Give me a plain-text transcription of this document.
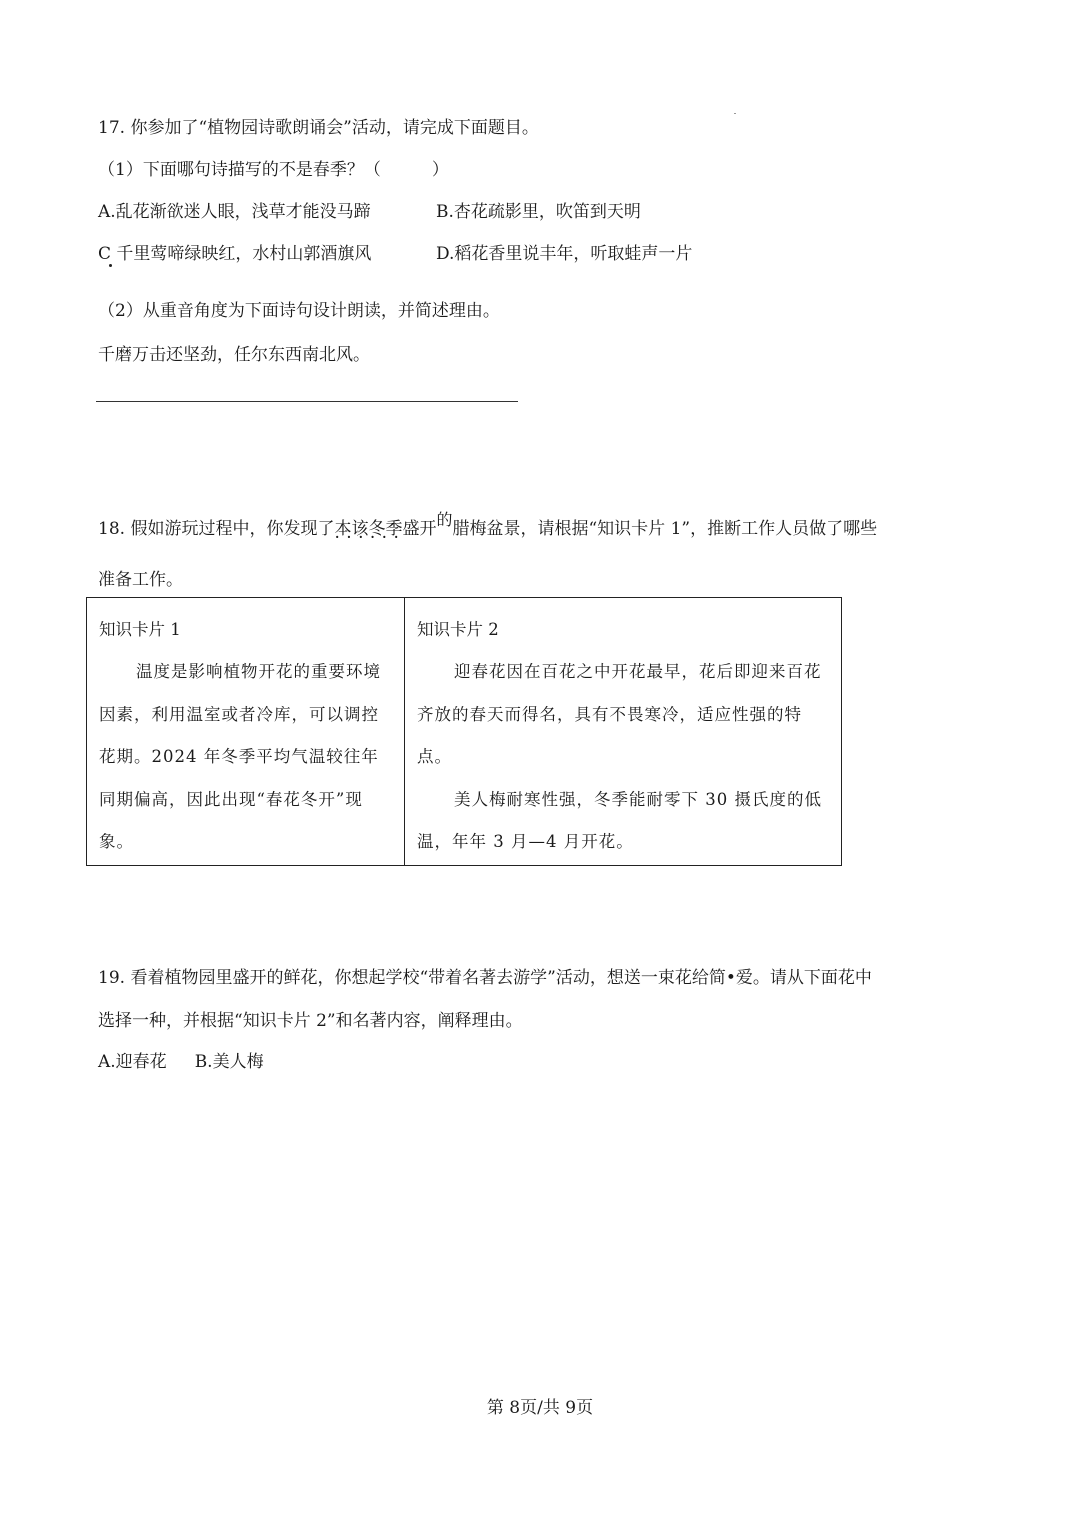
17. 你参加了“植物园诗歌朗诵会”活动，请完成下面题目。
（1）下面哪句诗描写的不是春季？（　　　）
A.乱花渐欲迷人眼，浅草才能没马蹄	B.杏花疏影里，吹笛到天明
C 千里莺啼绿映红，水村山郭酒旗风	D.稻花香里说丰年，听取蛙声一片
（2）从重音角度为下面诗句设计朗读，并简述理由。
千磨万击还坚劲，任尔东西南北风。
18. 假如游玩过程中，你发现了本该冬季盛开 · · ·的腊梅盆景，请根据“知识卡片 1”，推断工作人员做了哪些
准备工作。
知识卡片 1
温度是影响植物开花的重要环境因素，利用温室或者冷库，可以调控花期。2024 年冬季平均气温较往年同期偏高，因此出现“春花冬开”现象。
知识卡片 2
迎春花因在百花之中开花最早，花后即迎来百花齐放的春天而得名，具有不畏寒冷，适应性强的特点。
美人梅耐寒性强，冬季能耐零下 30 摄氏度的低温，年年 3 月—4 月开花。
19. 看着植物园里盛开的鲜花，你想起学校“带着名著去游学”活动，想送一束花给简•爱。请从下面花中
选择一种，并根据“知识卡片 2”和名著内容，阐释理由。
A.迎春花 B.美人梅
第 8页/共 9页
